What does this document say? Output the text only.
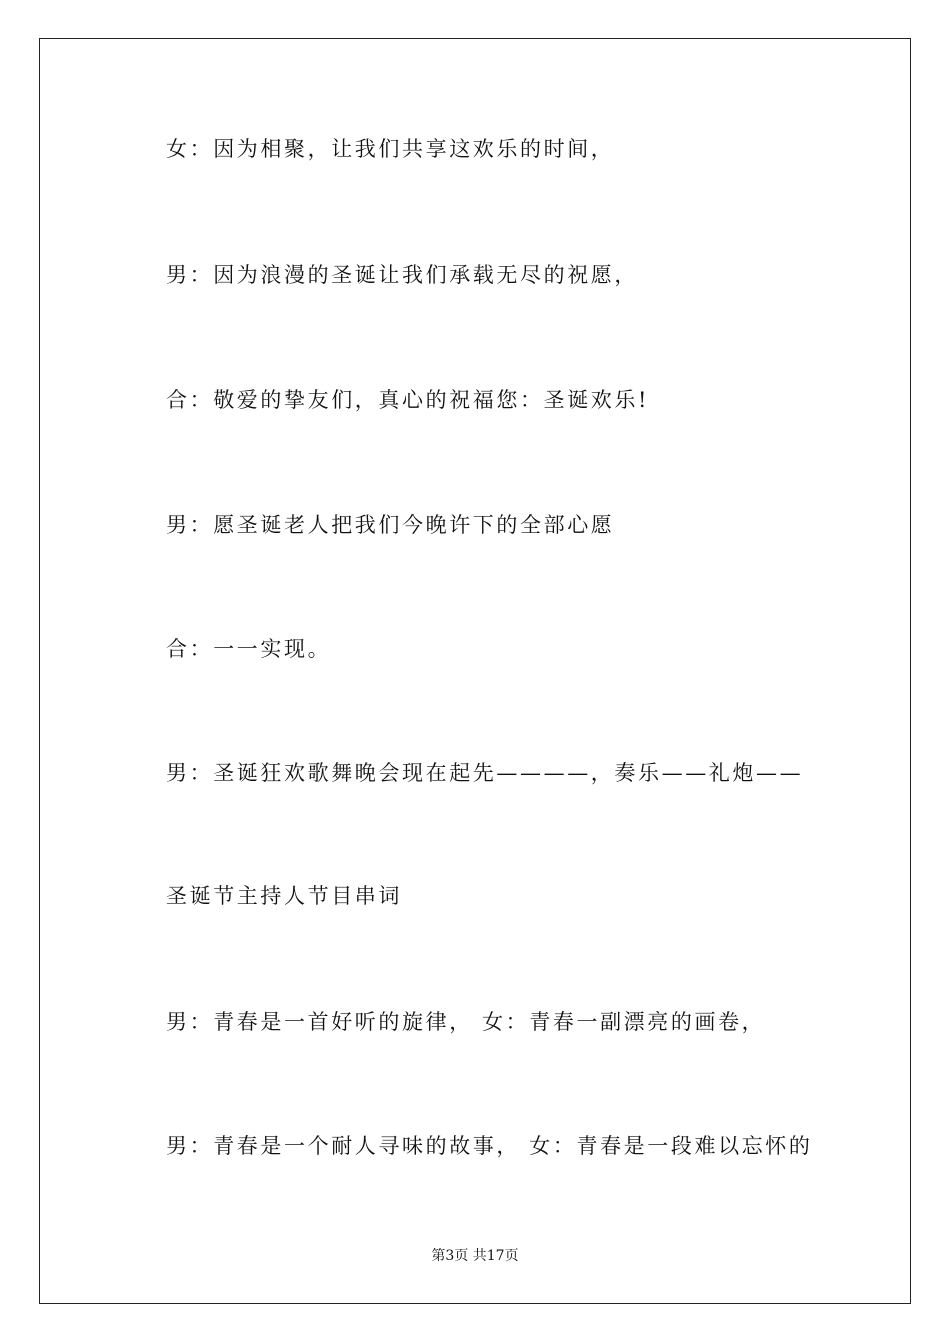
女：因为相聚，让我们共享这欢乐的时间，
男：因为浪漫的圣诞让我们承载无尽的祝愿，
合：敬爱的挚友们，真心的祝福您：圣诞欢乐!
男：愿圣诞老人把我们今晚许下的全部心愿
合：一一实现。
男：圣诞狂欢歌舞晚会现在起先————，奏乐——礼炮——
圣诞节主持人节目串词
男：青春是一首好听的旋律， 女：青春一副漂亮的画卷，
男：青春是一个耐人寻味的故事， 女：青春是一段难以忘怀的
第3页 共17页
